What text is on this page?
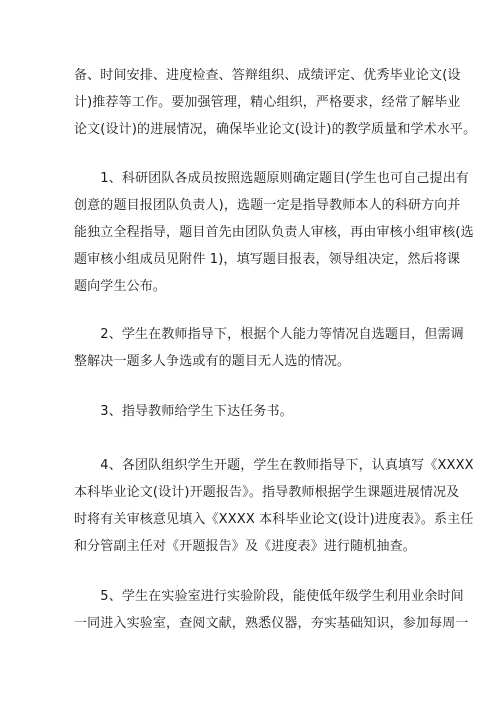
备、时间安排、进度检查、答辩组织、成绩评定、优秀毕业论文(设
计)推荐等工作。要加强管理，精心组织，严格要求，经常了解毕业
论文(设计)的进展情况，确保毕业论文(设计)的教学质量和学术水平。
　　1、科研团队各成员按照选题原则确定题目(学生也可自己提出有
创意的题目报团队负责人)，选题一定是指导教师本人的科研方向并
能独立全程指导，题目首先由团队负责人审核，再由审核小组审核(选
题审核小组成员见附件 1)，填写题目报表，领导组决定，然后将课
题向学生公布。
　　2、学生在教师指导下，根据个人能力等情况自选题目，但需调
整解决一题多人争选或有的题目无人选的情况。
　　3、指导教师给学生下达任务书。
　　4、各团队组织学生开题，学生在教师指导下，认真填写《XXXX
本科毕业论文(设计)开题报告》。指导教师根据学生课题进展情况及
时将有关审核意见填入《XXXX 本科毕业论文(设计)进度表》。系主任
和分管副主任对《开题报告》及《进度表》进行随机抽查。
　　5、学生在实验室进行实验阶段，能使低年级学生利用业余时间
一同进入实验室，查阅文献，熟悉仪器，夯实基础知识，参加每周一
